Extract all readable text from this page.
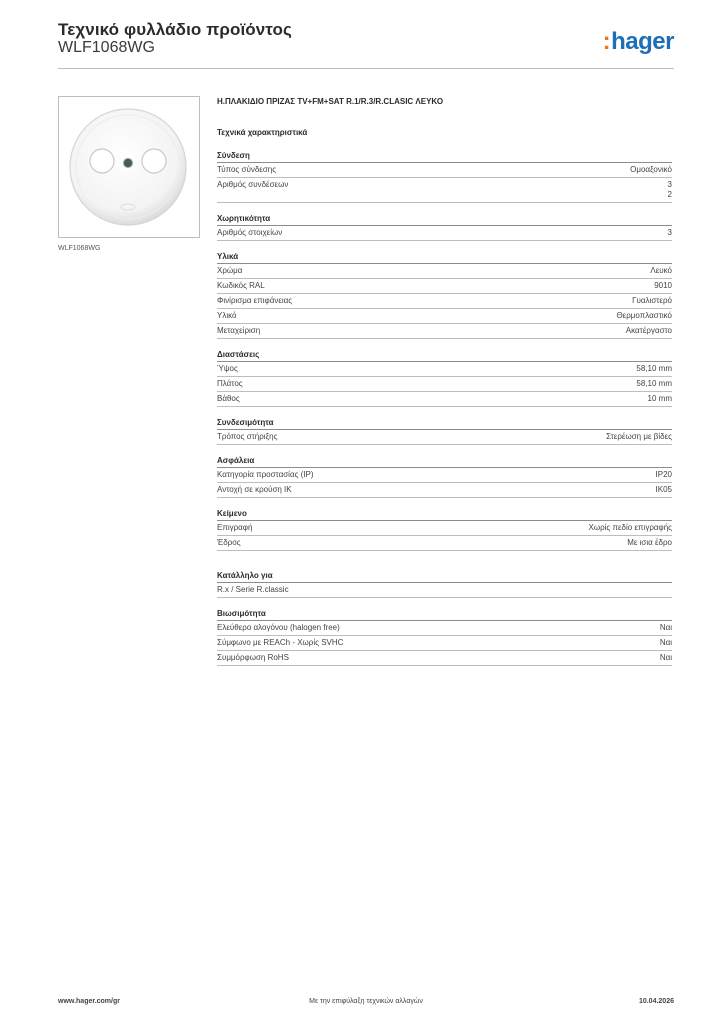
Τεχνικό φυλλάδιο προϊόντος
WLF1068WG	:hager
WLF1068WG
Η.ΠΛΑΚΙΔΙΟ ΠΡΙΖΑΣ TV+FM+SAT R.1/R.3/R.CLASIC ΛΕΥΚΟ
Τεχνικά χαρακτηριστικά
Σύνδεση
Τύπος σύνδεσης	Ομοαξονικό
Αριθμός συνδέσεων	3
2
Χωρητικότητα
Αριθμός στοιχείων	3
Υλικά
Χρώμα	Λευκό
Κωδικός RAL	9010
Φινίρισμα επιφάνειας	Γυαλιστερό
Υλικό	Θερμοπλαστικό
Μεταχείριση	Ακατέργαστο
Διαστάσεις
Ύψος	58,10 mm
Πλάτος	58,10 mm
Βάθος	10 mm
Συνδεσιμότητα
Τρόπος στήριξης	Στερέωση με βίδες
Ασφάλεια
Κατηγορία προστασίας (IP)	IP20
Αντοχή σε κρούση IK	IK05
Κείμενο
Επιγραφή	Χωρίς πεδίο επιγραφής
Έδρος	Με ισια έδρο
Κατάλληλο για
R.x / Serie R.classic
Βιωσιμότητα
Ελεύθερο αλογόνου (halogen free)	Ναι
Σύμφωνο με REACh - Χωρίς SVHC	Ναι
Συμμόρφωση RoHS	Ναι
www.hager.com/gr	Με την επιφύλαξη τεχνικών αλλαγών	10.04.2026
